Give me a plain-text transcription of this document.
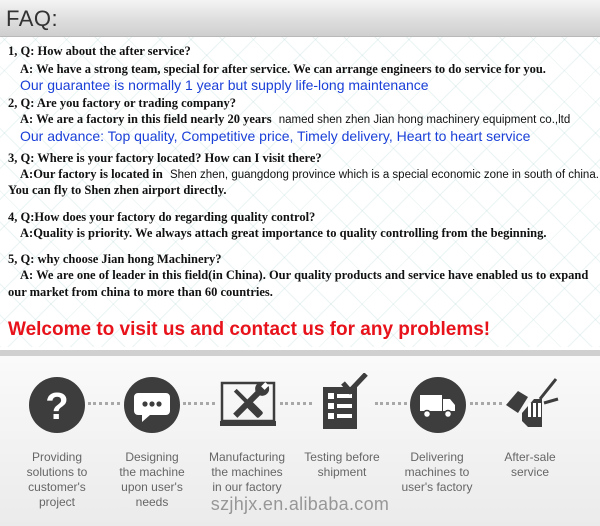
FAQ:
1, Q: How about the after service?
A: We have a strong team, special for after service. We can arrange engineers to do service for you.
Our guarantee is normally 1 year but supply life-long maintenance
2, Q: Are you factory or trading company?
A: We are a factory in this field nearly 20 years named shen zhen Jian hong machinery equipment co.,ltd
Our advance: Top quality, Competitive price, Timely delivery, Heart to heart service
3, Q: Where is your factory located? How can I visit there?
A:Our factory is located in Shen zhen, guangdong province which is a special economic zone in south of china.
You can fly to Shen zhen airport directly.
4, Q:How does your factory do regarding quality control?
A:Quality is priority. We always attach great importance to quality controlling from the beginning.
5, Q: why choose Jian hong Machinery?
A: We are one of leader in this field(in China). Our quality products and service have enabled us to expand
our market from china to more than 60 countries.
Welcome to visit us and contact us for any problems!
?
Providing
solutions to
customer's
project
Designing
the machine
upon user's
needs
Manufacturing
the machines
in our factory
Testing before
shipment
Delivering
machines to
user's factory
After-sale
service
szjhjx.en.alibaba.com
